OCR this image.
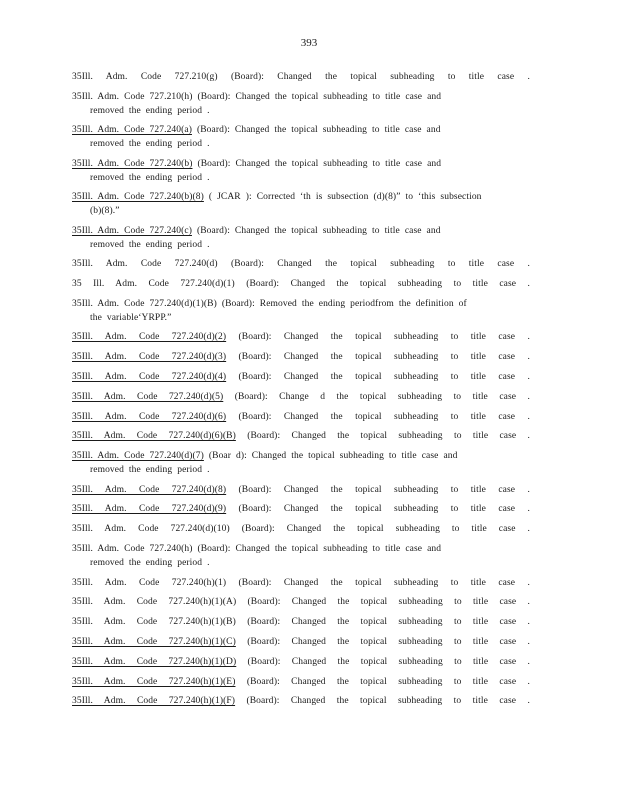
393

35Ill. Adm. Code 727.210(g) (Board): Changed the topical subheading to title case .

35Ill. Adm. Code 727.210(h) (Board): Changed the topical subheading to title case and
removed the ending period .

35Ill. Adm. Code 727.240(a) (Board): Changed the topical subheading to title case and
removed the ending period .

35Ill. Adm. Code 727.240(b) (Board): Changed the topical subheading to title case and
removed the ending period .

35Ill. Adm. Code 727.240(b)(8) ( JCAR ): Corrected ‘th is subsection (d)(8)” to ‘this subsection
(b)(8).”

35Ill. Adm. Code 727.240(c) (Board): Changed the topical subheading to title case and
removed the ending period .

35Ill. Adm. Code 727.240(d) (Board): Changed the topical subheading to title case .

35 Ill. Adm. Code 727.240(d)(1) (Board): Changed the topical subheading to title case .

35Ill. Adm. Code 727.240(d)(1)(B) (Board): Removed the ending periodfrom the definition of
the variable‘YRPP.”

35Ill. Adm. Code 727.240(d)(2) (Board): Changed the topical subheading to title case .

35Ill. Adm. Code 727.240(d)(3) (Board): Changed the topical subheading to title case .

35Ill. Adm. Code 727.240(d)(4) (Board): Changed the topical subheading to title case .

35Ill. Adm. Code 727.240(d)(5) (Board): Change d the topical subheading to title case .

35Ill. Adm. Code 727.240(d)(6) (Board): Changed the topical subheading to title case .

35Ill. Adm. Code 727.240(d)(6)(B) (Board): Changed the topical subheading to title case .

35Ill. Adm. Code 727.240(d)(7) (Boar d): Changed the topical subheading to title case and
removed the ending period .

35Ill. Adm. Code 727.240(d)(8) (Board): Changed the topical subheading to title case .

35Ill. Adm. Code 727.240(d)(9) (Board): Changed the topical subheading to title case .

35Ill. Adm. Code 727.240(d)(10) (Board): Changed the topical subheading to title case .

35Ill. Adm. Code 727.240(h) (Board): Changed the topical subheading to title case and
removed the ending period .

35Ill. Adm. Code 727.240(h)(1) (Board): Changed the topical subheading to title case .

35Ill. Adm. Code 727.240(h)(1)(A) (Board): Changed the topical subheading to title case .

35Ill. Adm. Code 727.240(h)(1)(B) (Board): Changed the topical subheading to title case .

35Ill. Adm. Code 727.240(h)(1)(C) (Board): Changed the topical subheading to title case .

35Ill. Adm. Code 727.240(h)(1)(D) (Board): Changed the topical subheading to title case .

35Ill. Adm. Code 727.240(h)(1)(E) (Board): Changed the topical subheading to title case .

35Ill. Adm. Code 727.240(h)(1)(F) (Board): Changed the topical subheading to title case .
